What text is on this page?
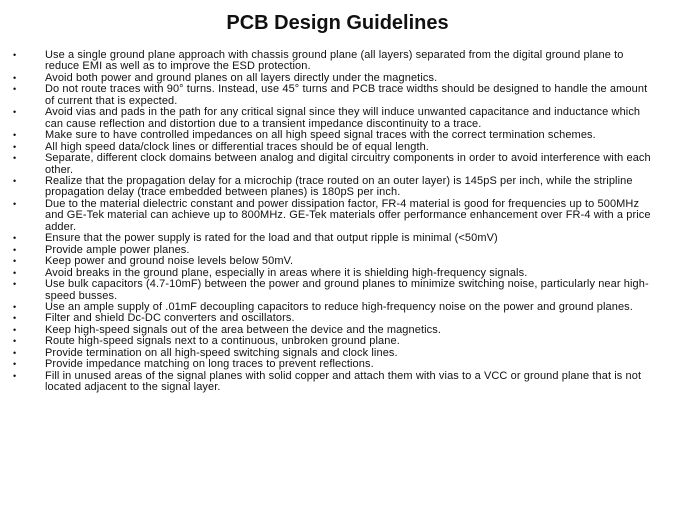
PCB Design Guidelines
•	Use a single ground plane approach with chassis ground plane (all layers) separated from the digital ground plane to reduce EMI as well as to improve the ESD protection.
•	Avoid both power and ground planes on all layers directly under the magnetics.
•	Do not route traces with 90° turns. Instead, use 45° turns and PCB trace widths should be designed to handle the amount of current that is expected.
•	Avoid vias and pads in the path for any critical signal since they will induce unwanted capacitance and inductance which can cause reflection and distortion due to a transient impedance discontinuity to a trace.
•	Make sure to have controlled impedances on all high speed signal traces with the correct termination schemes.
•	All high speed data/clock lines or differential traces should be of equal length.
•	Separate, different clock domains between analog and digital circuitry components in order to avoid interference with each other.
•	Realize that the propagation delay for a microchip (trace routed on an outer layer) is 145pS per inch, while the stripline propagation delay (trace embedded between planes) is 180pS per inch.
•	Due to the material dielectric constant and power dissipation factor, FR-4 material is good for frequencies up to 500MHz and GE-Tek material can achieve up to 800MHz. GE-Tek materials offer performance enhancement over FR-4 with a price adder.
•	Ensure that the power supply is rated for the load and that output ripple is minimal (<50mV)
•	Provide ample power planes.
•	Keep power and ground noise levels below 50mV.
•	Avoid breaks in the ground plane, especially in areas where it is shielding high-frequency signals.
•	Use bulk capacitors (4.7-10mF) between the power and ground planes to minimize switching noise, particularly near high-speed busses.
•	Use an ample supply of .01mF decoupling capacitors to reduce high-frequency noise on the power and ground planes.
•	Filter and shield Dc-DC converters and oscillators.
•	Keep high-speed signals out of the area between the device and the magnetics.
•	Route high-speed signals next to a continuous, unbroken ground plane.
•	Provide termination on all high-speed switching signals and clock lines.
•	Provide impedance matching on long traces to prevent reflections.
•	Fill in unused areas of the signal planes with solid copper and attach them with vias to a VCC or ground plane that is not located adjacent to the signal layer.
